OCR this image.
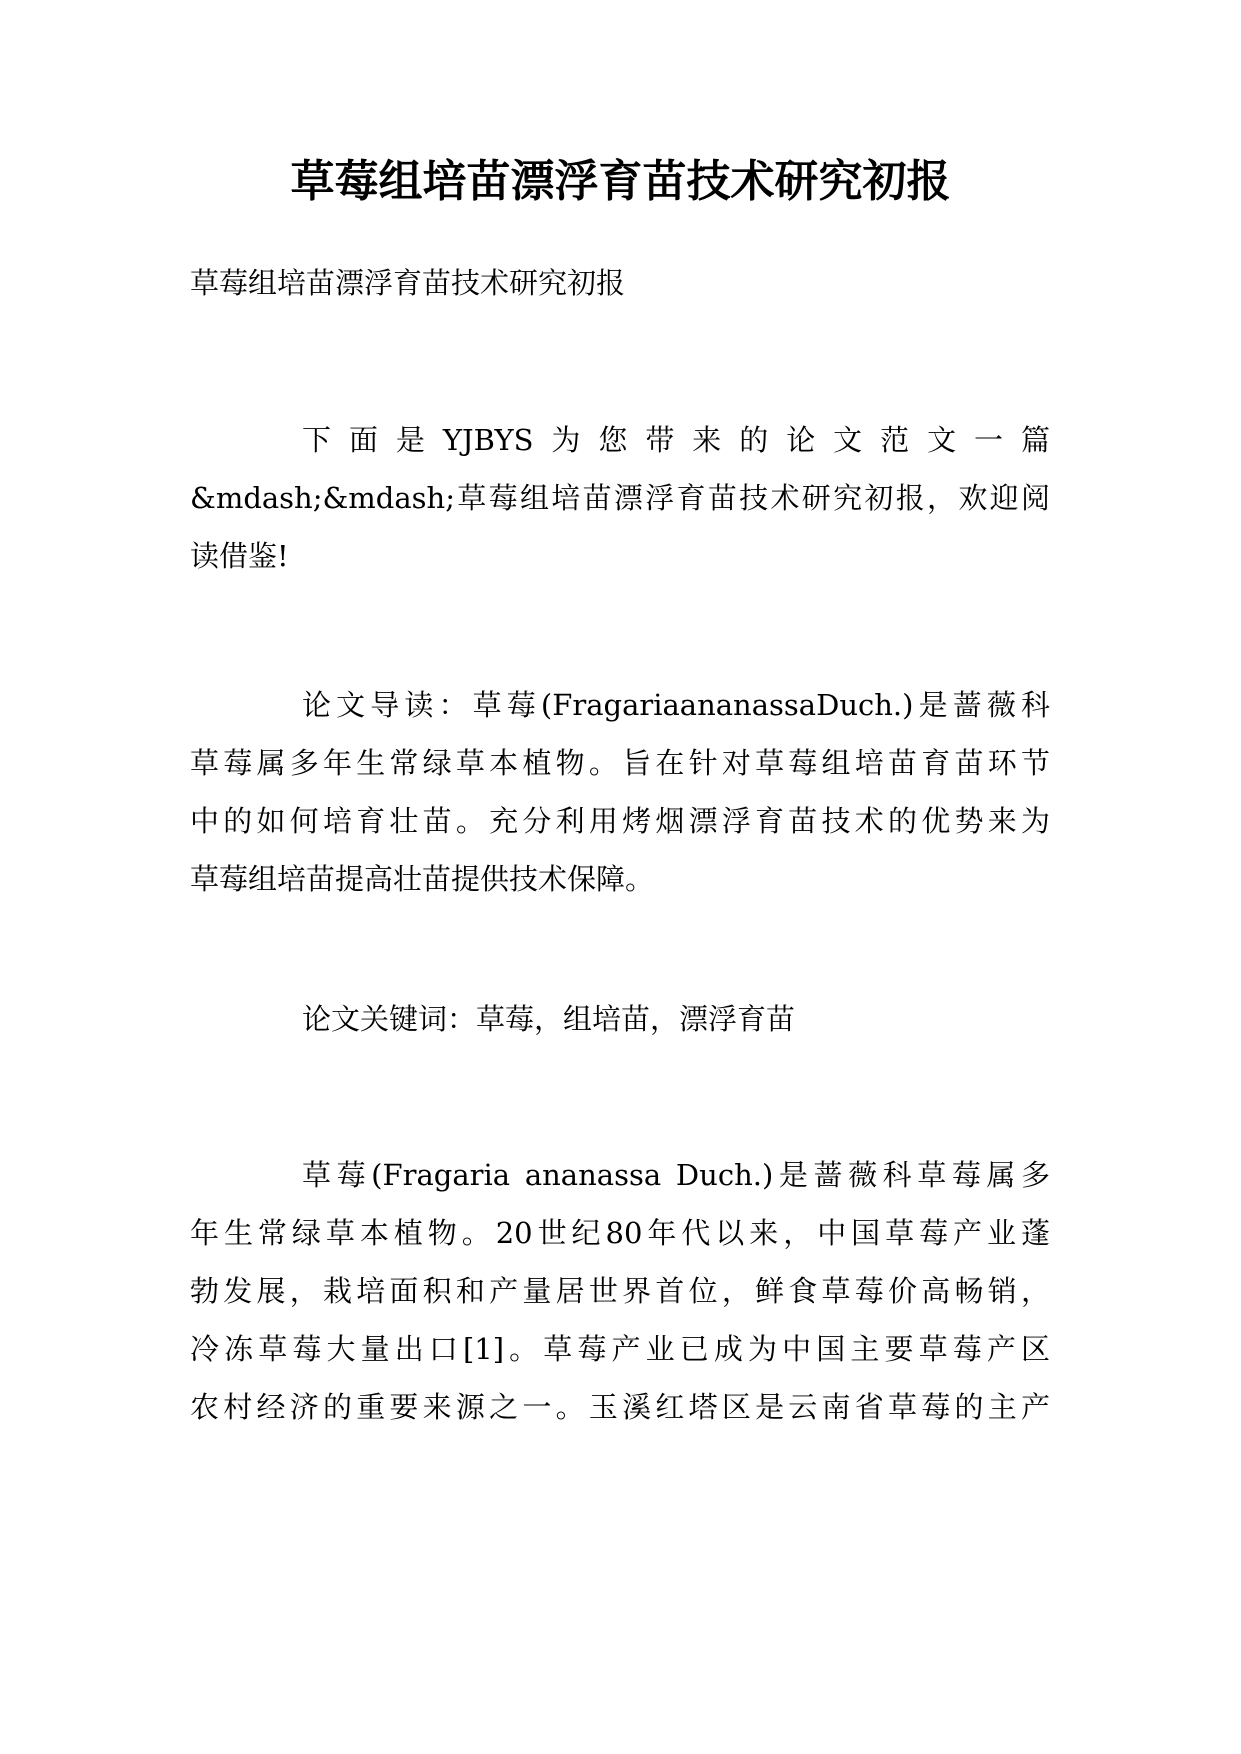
草莓组培苗漂浮育苗技术研究初报

草莓组培苗漂浮育苗技术研究初报

下面是YJBYS为您带来的论文范文一篇
&mdash;&mdash;草莓组培苗漂浮育苗技术研究初报，欢迎阅
读借鉴!

论文导读：草莓(FragariaananassaDuch.)是蔷薇科
草莓属多年生常绿草本植物。旨在针对草莓组培苗育苗环节
中的如何培育壮苗。充分利用烤烟漂浮育苗技术的优势来为
草莓组培苗提高壮苗提供技术保障。

论文关键词：草莓，组培苗，漂浮育苗

草莓(Fragaria ananassa Duch.)是蔷薇科草莓属多
年生常绿草本植物。20世纪80年代以来，中国草莓产业蓬
勃发展，栽培面积和产量居世界首位，鲜食草莓价高畅销，
冷冻草莓大量出口[1]。草莓产业已成为中国主要草莓产区
农村经济的重要来源之一。玉溪红塔区是云南省草莓的主产
